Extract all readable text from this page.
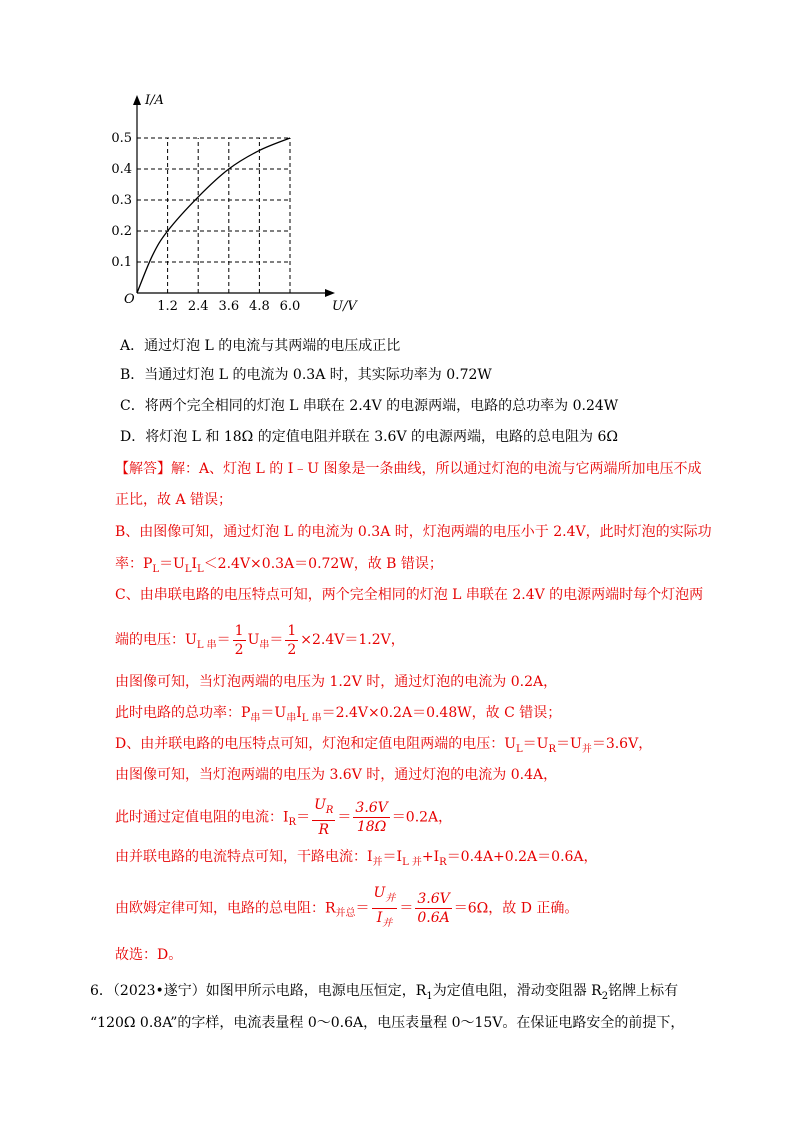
1.2 2.4 3.6 4.8 6.0
0.1
0.2
0.3
0.4
0.5
I/A
U/V
O
A．通过灯泡 L 的电流与其两端的电压成正比
B．当通过灯泡 L 的电流为 0.3A 时，其实际功率为 0.72W
C．将两个完全相同的灯泡 L 串联在 2.4V 的电源两端，电路的总功率为 0.24W
D．将灯泡 L 和 18Ω 的定值电阻并联在 3.6V 的电源两端，电路的总电阻为 6Ω
【解答】解：A、灯泡 L 的 I﹣U 图象是一条曲线，所以通过灯泡的电流与它两端所加电压不成
正比，故 A 错误；
B、由图像可知，通过灯泡 L 的电流为 0.3A 时，灯泡两端的电压小于 2.4V，此时灯泡的实际功
率：$P_L=U_LI_L<2.4V\times 0.3A=0.72W$，故 B 错误；
C、由串联电路的电压特点可知，两个完全相同的灯泡 L 串联在 2.4V 的电源两端时每个灯泡两
端的电压：$U_{L 串}= \frac{1}{2} U_串= \frac{1}{2} \times 2.4V=1.2V$，
由图像可知，当灯泡两端的电压为 1.2V 时，通过灯泡的电流为 0.2A，
此时电路的总功率：$P_串=U_串I_{L 串}=2.4V\times 0.2A=0.48W$，故 C 错误；
D、由并联电路的电压特点可知，灯泡和定值电阻两端的电压：$U_L=U_R=U_并=3.6V$，
由图像可知，当灯泡两端的电压为 3.6V 时，通过灯泡的电流为 0.4A，
此时通过定值电阻的电流：$I_R= \frac{U_R}{R} = \frac{3.6V}{18\Omega} =0.2A$，
由并联电路的电流特点可知，干路电流：$I_并=I_{L 并}+I_R=0.4A+0.2A=0.6A$，
由欧姆定律可知，电路的总电阻：$R_{并总}= \frac{U_并}{I_并} = \frac{3.6V}{0.6A} =6\Omega$，故 D 正确。
故选：D。
6．（2023•遂宁）如图甲所示电路，电源电压恒定，$R_1$为定值电阻，滑动变阻器 $R_2$铭牌上标有
“120Ω 0.8A”的字样，电流表量程 0～0.6A，电压表量程 0～15V。在保证电路安全的前提下，
